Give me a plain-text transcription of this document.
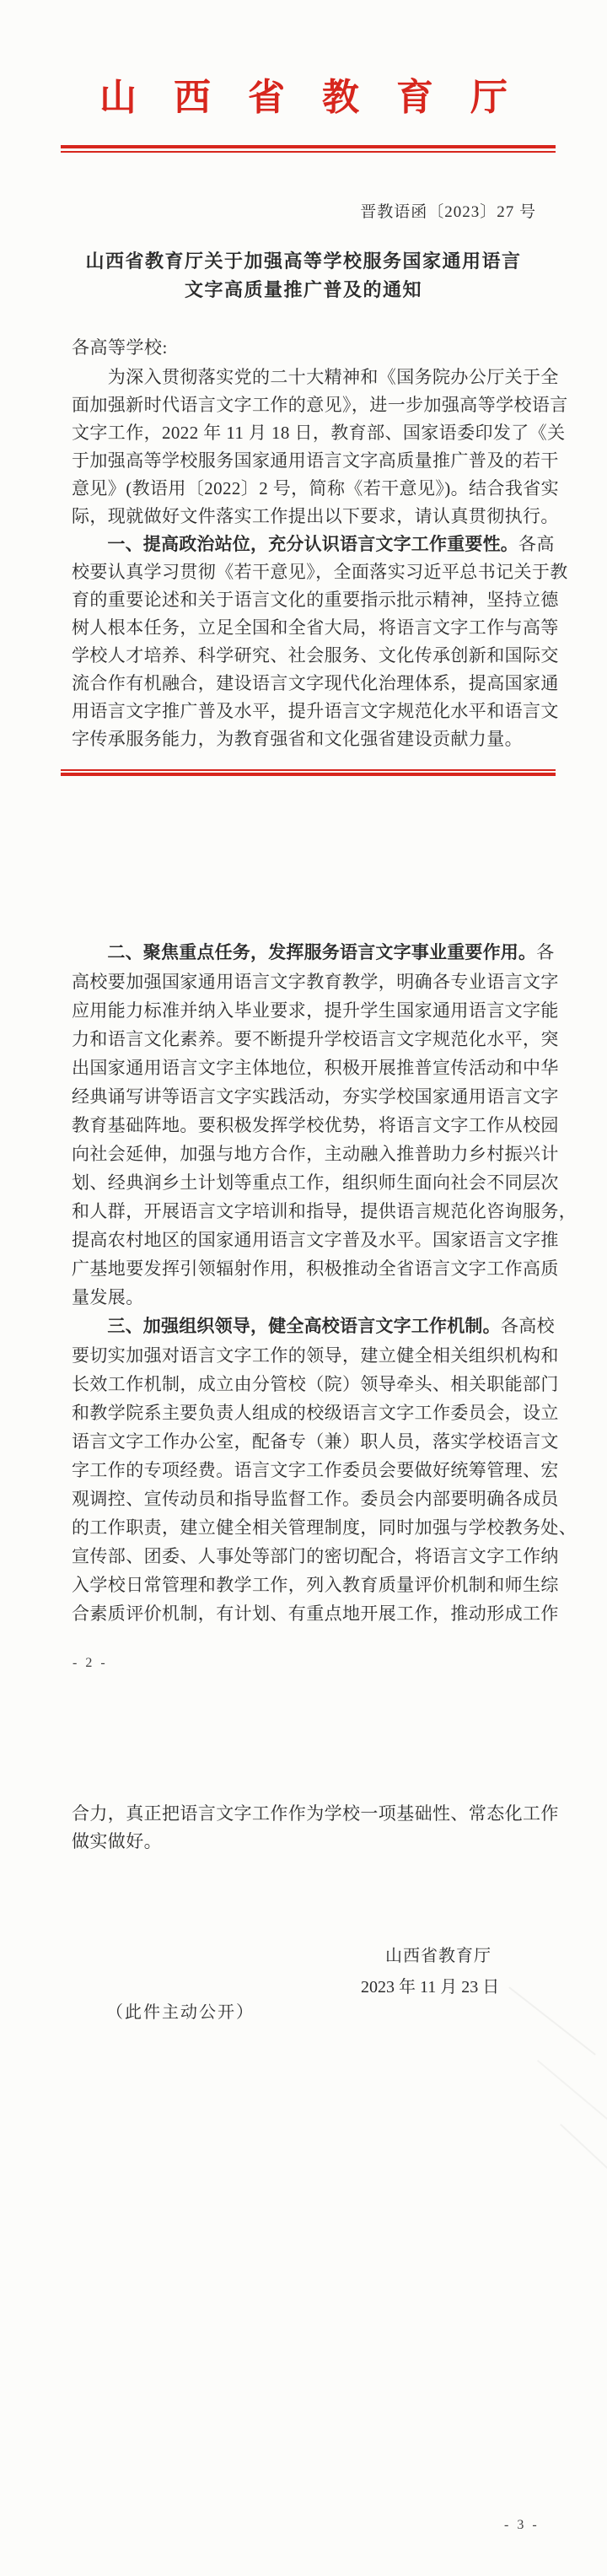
山西省教育厅
晋教语函〔2023〕27 号
山西省教育厅关于加强高等学校服务国家通用语言
文字高质量推广普及的通知
各高等学校:
　　为深入贯彻落实党的二十大精神和《国务院办公厅关于全
面加强新时代语言文字工作的意见》，进一步加强高等学校语言
文字工作，2022 年 11 月 18 日，教育部、国家语委印发了《关
于加强高等学校服务国家通用语言文字高质量推广普及的若干
意见》(教语用〔2022〕2 号，简称《若干意见》)。结合我省实
际，现就做好文件落实工作提出以下要求，请认真贯彻执行。
　　一、提高政治站位，充分认识语言文字工作重要性。各高
校要认真学习贯彻《若干意见》，全面落实习近平总书记关于教
育的重要论述和关于语言文化的重要指示批示精神，坚持立德
树人根本任务，立足全国和全省大局，将语言文字工作与高等
学校人才培养、科学研究、社会服务、文化传承创新和国际交
流合作有机融合，建设语言文字现代化治理体系，提高国家通
用语言文字推广普及水平，提升语言文字规范化水平和语言文
字传承服务能力，为教育强省和文化强省建设贡献力量。
　　二、聚焦重点任务，发挥服务语言文字事业重要作用。各
高校要加强国家通用语言文字教育教学，明确各专业语言文字
应用能力标准并纳入毕业要求，提升学生国家通用语言文字能
力和语言文化素养。要不断提升学校语言文字规范化水平，突
出国家通用语言文字主体地位，积极开展推普宣传活动和中华
经典诵写讲等语言文字实践活动，夯实学校国家通用语言文字
教育基础阵地。要积极发挥学校优势，将语言文字工作从校园
向社会延伸，加强与地方合作，主动融入推普助力乡村振兴计
划、经典润乡土计划等重点工作，组织师生面向社会不同层次
和人群，开展语言文字培训和指导，提供语言规范化咨询服务，
提高农村地区的国家通用语言文字普及水平。国家语言文字推
广基地要发挥引领辐射作用，积极推动全省语言文字工作高质
量发展。
　　三、加强组织领导，健全高校语言文字工作机制。各高校
要切实加强对语言文字工作的领导，建立健全相关组织机构和
长效工作机制，成立由分管校（院）领导牵头、相关职能部门
和教学院系主要负责人组成的校级语言文字工作委员会，设立
语言文字工作办公室，配备专（兼）职人员，落实学校语言文
字工作的专项经费。语言文字工作委员会要做好统筹管理、宏
观调控、宣传动员和指导监督工作。委员会内部要明确各成员
的工作职责，建立健全相关管理制度，同时加强与学校教务处、
宣传部、团委、人事处等部门的密切配合，将语言文字工作纳
入学校日常管理和教学工作，列入教育质量评价机制和师生综
合素质评价机制，有计划、有重点地开展工作，推动形成工作
- 2 -
合力，真正把语言文字工作作为学校一项基础性、常态化工作
做实做好。
山西省教育厅
2023 年 11 月 23 日
（此件主动公开）
- 3 -
